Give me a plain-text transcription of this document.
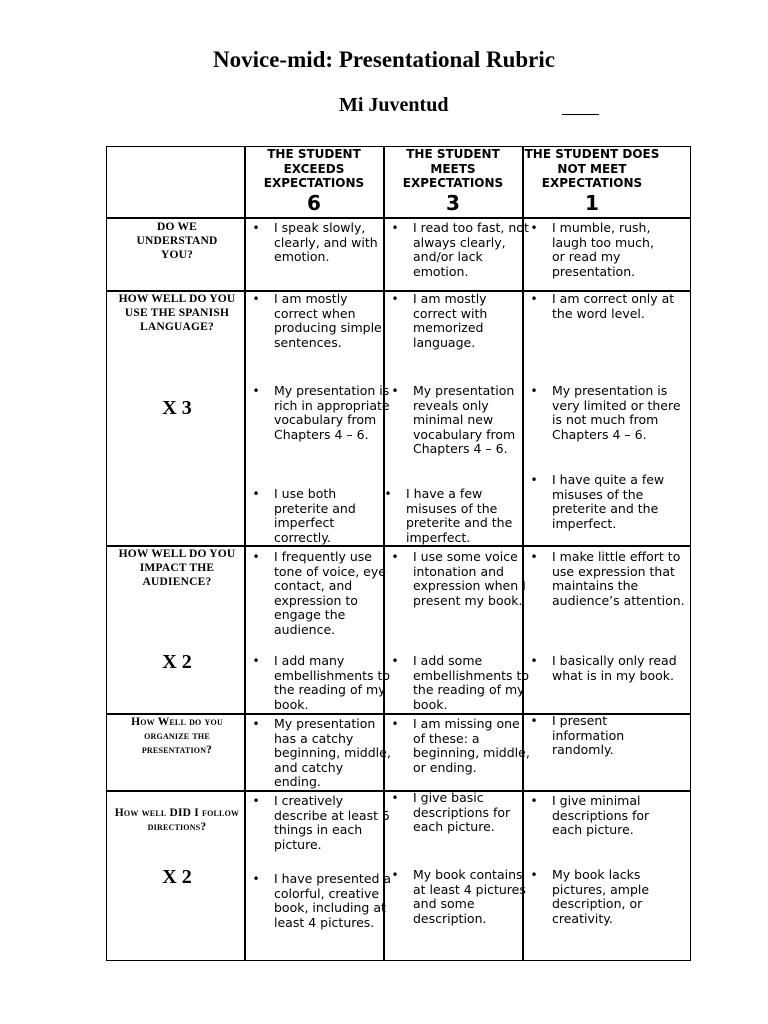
Novice-mid: Presentational Rubric
Mi Juventud
THE STUDENT EXCEEDS EXPECTATIONS
6
THE STUDENT MEETS EXPECTATIONS
3
THE STUDENT DOES NOT MEET EXPECTATIONS
1
DO WE UNDERSTAND YOU?
HOW WELL DO YOU USE THE SPANISH LANGUAGE?
X 3
HOW WELL DO YOU IMPACT THE AUDIENCE?
X 2
How Well do you organize the presentation?
How well DID I follow directions?
X 2
• I speak slowly, clearly, and with emotion.
• I read too fast, not always clearly, and/or lack emotion.
• I mumble, rush, laugh too much, or read my presentation.
• I am mostly correct when producing simple sentences.
• My presentation is rich in appropriate vocabulary from Chapters 4 – 6.
• I use both preterite and imperfect correctly.
• I am mostly correct with memorized language.
• My presentation reveals only minimal new vocabulary from Chapters 4 – 6.
• I have a few misuses of the preterite and the imperfect.
• I am correct only at the word level.
• My presentation is very limited or there is not much from Chapters 4 – 6.
• I have quite a few misuses of the preterite and the imperfect.
• I frequently use tone of voice, eye contact, and expression to engage the audience.
• I add many embellishments to the reading of my book.
• I use some voice intonation and expression when I present my book.
• I add some embellishments to the reading of my book.
• I make little effort to use expression that maintains the audience’s attention.
• I basically only read what is in my book.
• My presentation has a catchy beginning, middle, and catchy ending.
• I am missing one of these: a beginning, middle, or ending.
• I present information randomly.
• I creatively describe at least 5 things in each picture.
• I have presented a colorful, creative book, including at least 4 pictures.
• I give basic descriptions for each picture.
• My book contains at least 4 pictures and some description.
• I give minimal descriptions for each picture.
• My book lacks pictures, ample description, or creativity.
